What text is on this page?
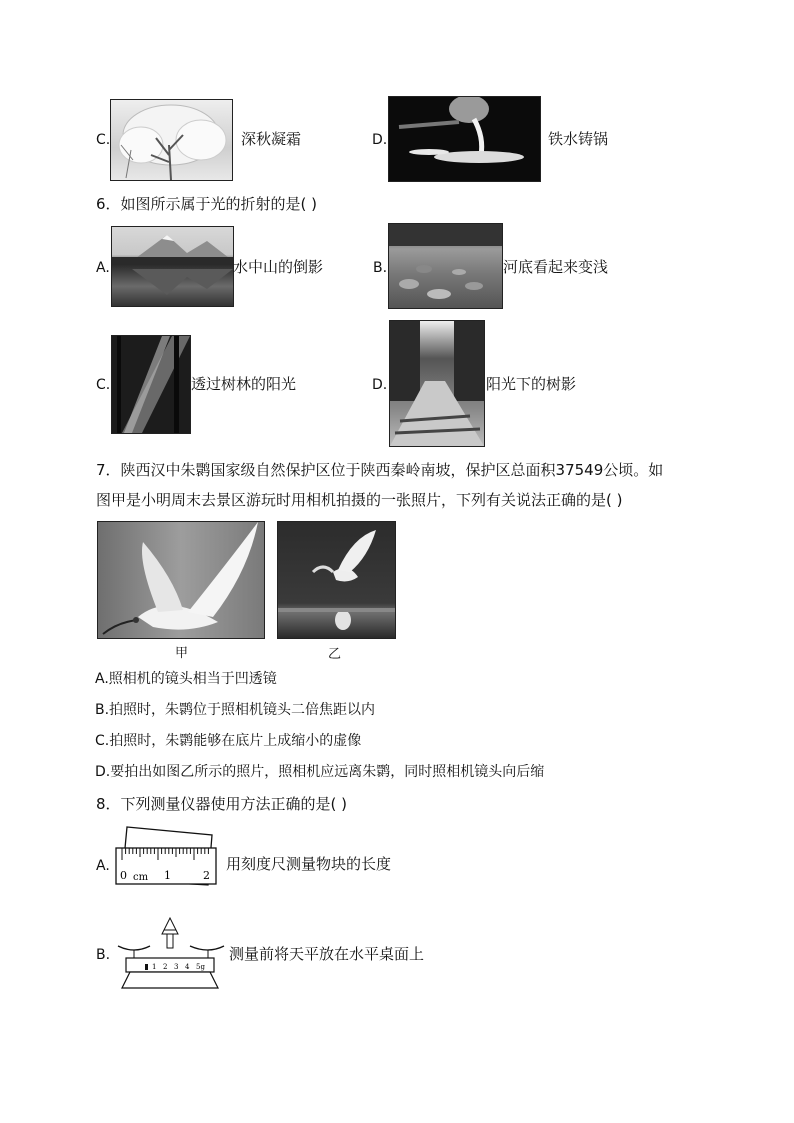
C.	深秋凝霜	D.	铁水铸锅
6．如图所示属于光的折射的是( )
A.	水中山的倒影	B.	河底看起来变浅
C.	透过树林的阳光	D.	阳光下的树影
7．陕西汉中朱鹮国家级自然保护区位于陕西秦岭南坡，保护区总面积37549公顷。如
图甲是小明周末去景区游玩时用相机拍摄的一张照片，下列有关说法正确的是( )
甲	乙
A.照相机的镜头相当于凹透镜
B.拍照时，朱鹮位于照相机镜头二倍焦距以内
C.拍照时，朱鹮能够在底片上成缩小的虚像
D.要拍出如图乙所示的照片，照相机应远离朱鹮，同时照相机镜头向后缩
8．下列测量仪器使用方法正确的是( )
A.
0 cm 1	2
用刻度尺测量物块的长度
B.
1 2 3 4 5g
测量前将天平放在水平桌面上
